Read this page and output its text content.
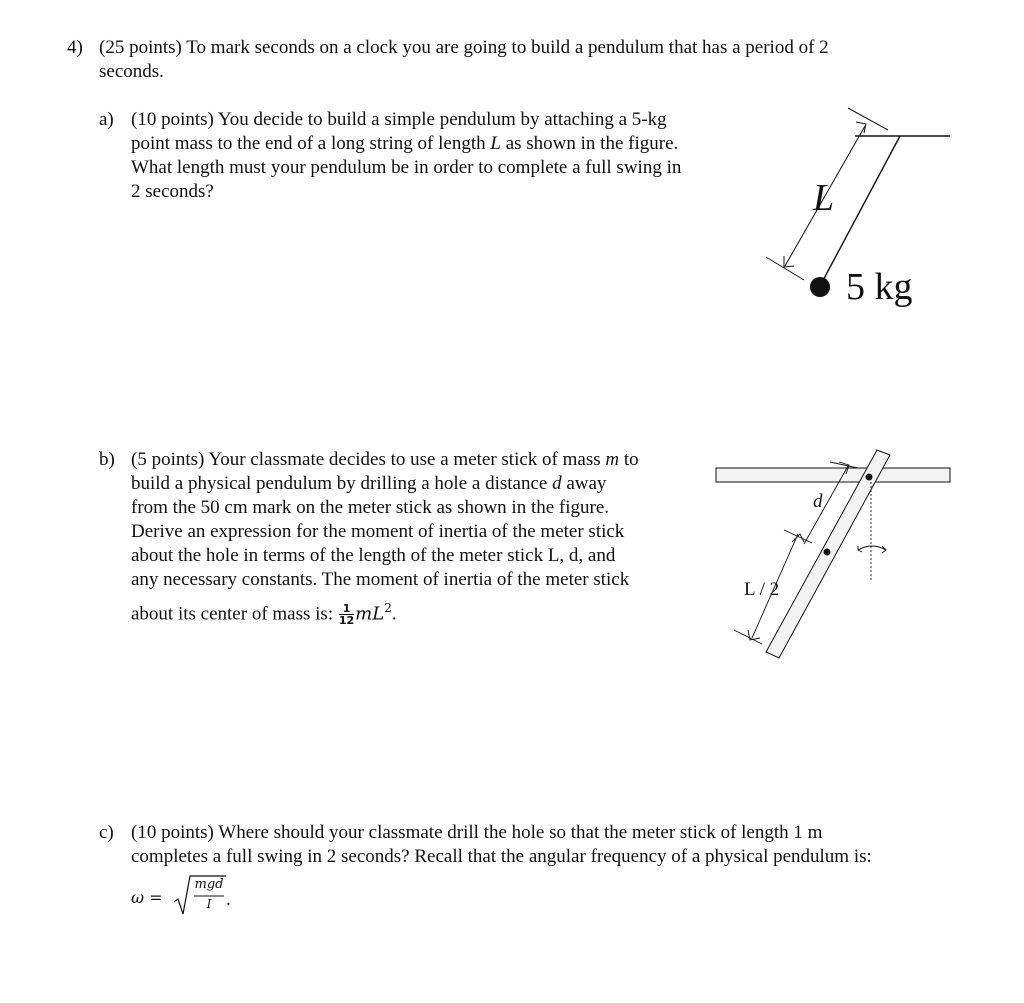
4) (25 points) To mark seconds on a clock you are going to build a pendulum that has a period of 2
seconds.
a) (10 points) You decide to build a simple pendulum by attaching a 5-kg
point mass to the end of a long string of length L as shown in the figure.
What length must your pendulum be in order to complete a full swing in
2 seconds?	L
5 kg
b) (5 points) Your classmate decides to use a meter stick of mass m to
build a physical pendulum by drilling a hole a distance d away
from the 50 cm mark on the meter stick as shown in the figure.
Derive an expression for the moment of inertia of the meter stick
about the hole in terms of the length of the meter stick L, d, and
any necessary constants. The moment of inertia of the meter stick
about its center of mass is: $\frac{1}{12} mL^2$.
d
L / 2
c) (10 points) Where should your classmate drill the hole so that the meter stick of length 1 m
completes a full swing in 2 seconds? Recall that the angular frequency of a physical pendulum is:
ω =
mgd
I .
